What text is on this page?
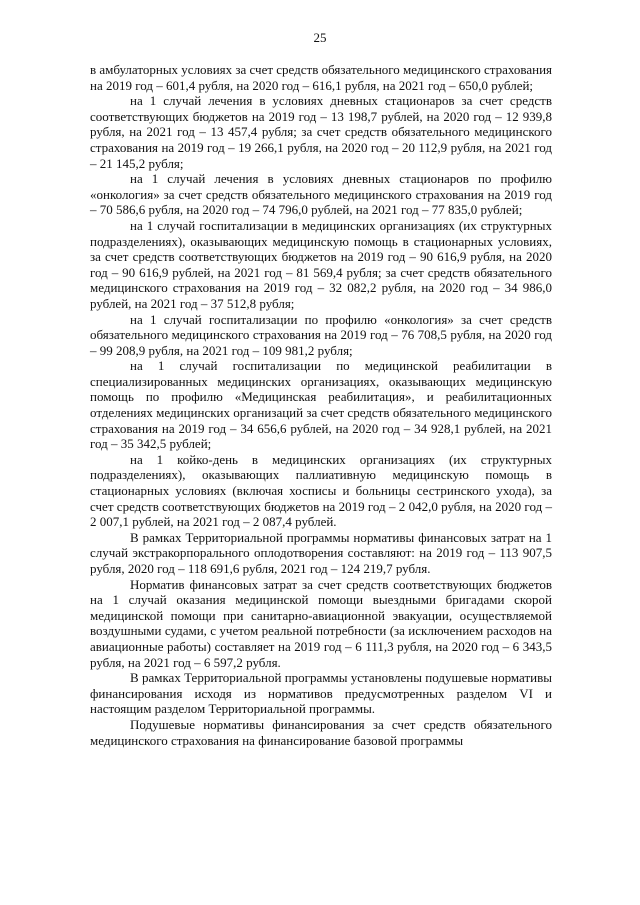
25

в амбулаторных условиях за счет средств обязательного медицинского страхования на 2019 год – 601,4 рубля, на 2020 год – 616,1 рубля, на 2021 год – 650,0 рублей;

на 1 случай лечения в условиях дневных стационаров за счет средств соответствующих бюджетов на 2019 год – 13 198,7 рублей, на 2020 год – 12 939,8 рубля, на 2021 год – 13 457,4 рубля; за счет средств обязательного медицинского страхования на 2019 год – 19 266,1 рубля, на 2020 год – 20 112,9 рубля, на 2021 год – 21 145,2 рубля;

на 1 случай лечения в условиях дневных стационаров по профилю «онкология» за счет средств обязательного медицинского страхования на 2019 год – 70 586,6 рубля, на 2020 год – 74 796,0 рублей, на 2021 год – 77 835,0 рублей;

на 1 случай госпитализации в медицинских организациях (их структурных подразделениях), оказывающих медицинскую помощь в стационарных условиях, за счет средств соответствующих бюджетов на 2019 год – 90 616,9 рубля, на 2020 год – 90 616,9 рублей, на 2021 год – 81 569,4 рубля; за счет средств обязательного медицинского страхования на 2019 год – 32 082,2 рубля, на 2020 год – 34 986,0 рублей, на 2021 год – 37 512,8 рубля;

на 1 случай госпитализации по профилю «онкология» за счет средств обязательного медицинского страхования на 2019 год – 76 708,5 рубля, на 2020 год – 99 208,9 рубля, на 2021 год – 109 981,2 рубля;

на 1 случай госпитализации по медицинской реабилитации в специализированных медицинских организациях, оказывающих медицинскую помощь по профилю «Медицинская реабилитация», и реабилитационных отделениях медицинских организаций за счет средств обязательного медицинского страхования на 2019 год – 34 656,6 рублей, на 2020 год – 34 928,1 рублей, на 2021 год – 35 342,5 рублей;

на 1 койко-день в медицинских организациях (их структурных подразделениях), оказывающих паллиативную медицинскую помощь в стационарных условиях (включая хосписы и больницы сестринского ухода), за счет средств соответствующих бюджетов на 2019 год – 2 042,0 рубля, на 2020 год – 2 007,1 рублей, на 2021 год – 2 087,4 рублей.

В рамках Территориальной программы нормативы финансовых затрат на 1 случай экстракорпорального оплодотворения составляют: на 2019 год – 113 907,5 рубля, 2020 год – 118 691,6 рубля, 2021 год – 124 219,7 рубля.

Норматив финансовых затрат за счет средств соответствующих бюджетов на 1 случай оказания медицинской помощи выездными бригадами скорой медицинской помощи при санитарно-авиационной эвакуации, осуществляемой воздушными судами, с учетом реальной потребности (за исключением расходов на авиационные работы) составляет на 2019 год – 6 111,3 рубля, на 2020 год – 6 343,5 рубля, на 2021 год – 6 597,2 рубля.

В рамках Территориальной программы установлены подушевые нормативы финансирования исходя из нормативов предусмотренных разделом VI и настоящим разделом Территориальной программы.

Подушевые нормативы финансирования за счет средств обязательного медицинского страхования на финансирование базовой программы
